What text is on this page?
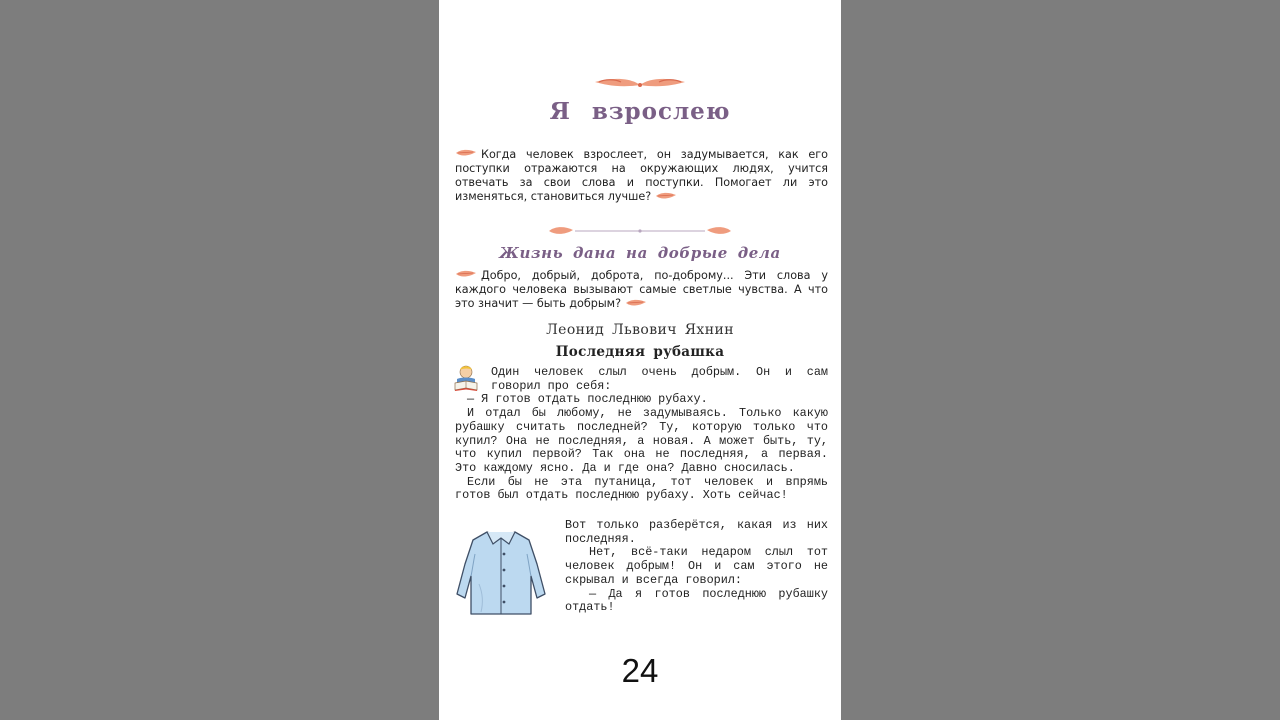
Я взрослею
Когда человек взрослеет, он задумывается, как его поступки отражаются на окружающих людях, учится отвечать за свои слова и поступки. Помогает ли это изменяться, становиться лучше?
Жизнь дана на добрые дела
Добро, добрый, доброта, по-доброму... Эти слова у каждого человека вызывают самые светлые чувства. А что это значит — быть добрым?
Леонид Львович Яхнин
Последняя рубашка

Один человек слыл очень добрым. Он и сам говорил про себя:

— Я готов отдать последнюю рубаху.

И отдал бы любому, не задумываясь. Только какую рубашку считать последней? Ту, которую только что купил? Она не последняя, а новая. А может быть, ту, что купил первой? Так она не последняя, а первая. Это каждому ясно. Да и где она? Давно сносилась.

Если бы не эта путаница, тот человек и впрямь готов был отдать последнюю рубаху. Хоть сейчас!

Вот только разберётся, какая из них последняя.

Нет, всё-таки недаром слыл тот человек добрым! Он и сам этого не скрывал и всегда говорил:

— Да я готов последнюю рубашку отдать!

24
